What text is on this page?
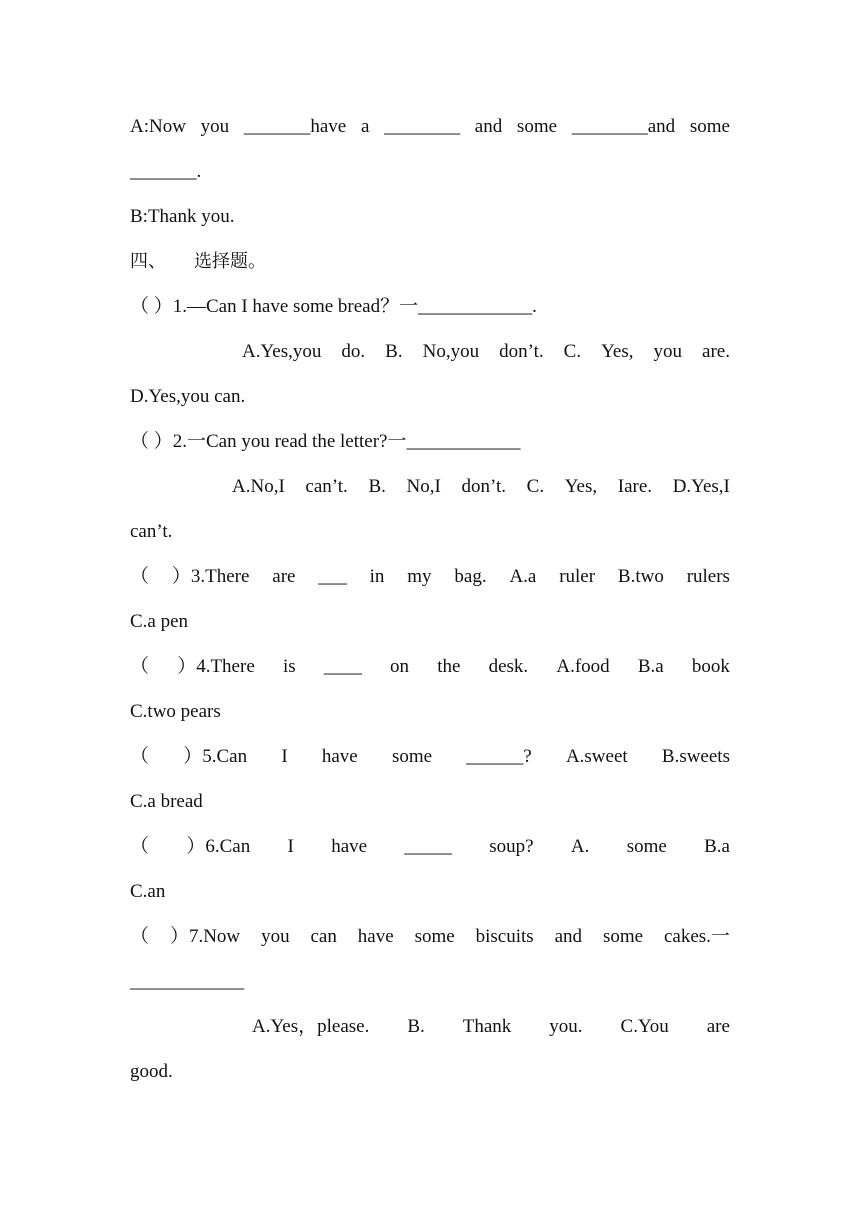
A:Now you _______have a ________ and some ________and some
_______.
B:Thank you.
四、 选择题。
（ ）1.—Can I have some bread？一____________.
A.Yes,you do. B. No,you don’t. C. Yes, you are.
D.Yes,you can.
（ ）2.一Can you read the letter?一____________
A.No,I can’t. B. No,I don’t. C. Yes, Iare. D.Yes,I
can’t.
（ ）3.There are ___ in my bag. A.a ruler B.two rulers
C.a pen
（ ）4.There is ____ on the desk. A.food B.a book
C.two pears
（ ）5.Can I have some ______? A.sweet B.sweets
C.a bread
（ ）6.Can I have _____ soup? A. some B.a
C.an
（ ）7.Now you can have some biscuits and some cakes.一
____________
A.Yes，please. B. Thank you. C.You are
good.
